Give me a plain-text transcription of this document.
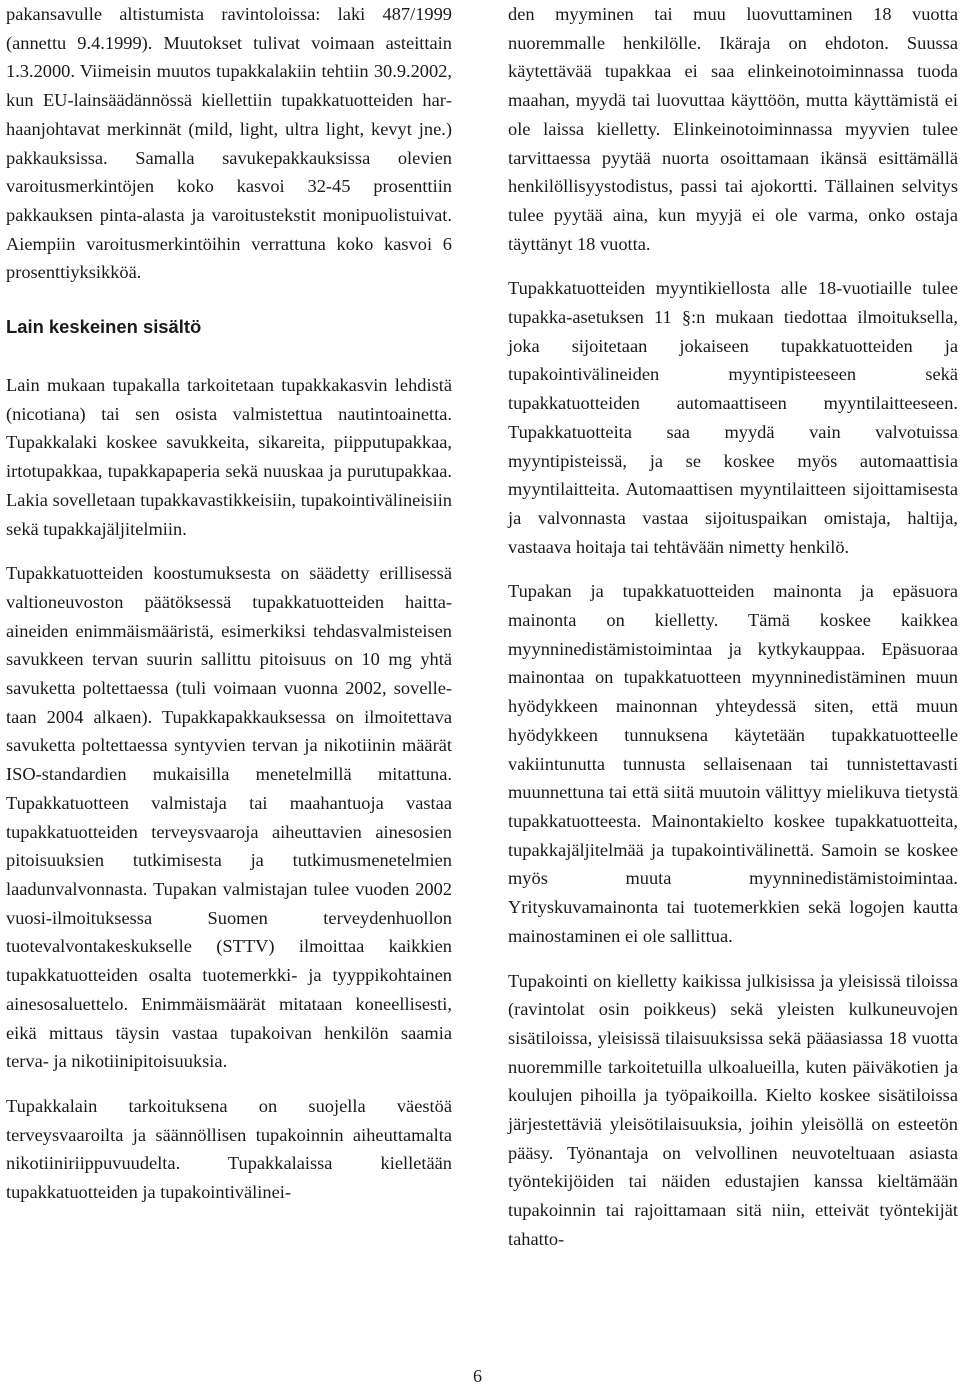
pakansavulle altistumista ravintoloissa: laki 487/1999 (annettu 9.4.1999). Muutokset tulivat voimaan asteittain 1.3.2000. Viimeisin muutos tupakkalakiin tehtiin 30.9.2002, kun EU-lainsäädännössä kiellettiin tupakkatuotteiden harhaanjohtavat merkinnät (mild, light, ultra light, kevyt jne.) pakkauksissa. Samalla savukepakkauksissa olevien varoitusmerkintöjen koko kasvoi 32-45 prosenttiin pakkauksen pinta-alasta ja varoitustekstit monipuolistuivat. Aiempiin varoitusmerkintöihin verrattuna koko kasvoi 6 prosenttiyksikköä.

Lain keskeinen sisältö

Lain mukaan tupakalla tarkoitetaan tupakkakasvin lehdistä (nicotiana) tai sen osista valmistettua nautintoainetta. Tupakkalaki koskee savukkeita, sikareita, piipputupakkaa, irtotupakkaa, tupakkapaperia sekä nuuskaa ja purutupakkaa. Lakia sovelletaan tupakkavastikkeisiin, tupakointivälineisiin sekä tupakkajäljitelmiin.

Tupakkatuotteiden koostumuksesta on säädetty erillisessä valtioneuvoston päätöksessä tupakkatuotteiden haitta-aineiden enimmäismääristä, esimerkiksi tehdasvalmisteisen savukkeen tervan suurin sallittu pitoisuus on 10 mg yhtä savuketta poltettaessa (tuli voimaan vuonna 2002, sovelletaan 2004 alkaen). Tupakkapakkauksessa on ilmoitettava savuketta poltettaessa syntyvien tervan ja nikotiinin määrät ISO-standardien mukaisilla menetelmillä mitattuna. Tupakkatuotteen valmistaja tai maahantuoja vastaa tupakkatuotteiden terveysvaaroja aiheuttavien ainesosien pitoisuuksien tutkimisesta ja tutkimusmenetelmien laadunvalvonnasta. Tupakan valmistajan tulee vuoden 2002 vuosi-ilmoituksessa Suomen terveydenhuollon tuotevalvontakeskukselle (STTV) ilmoittaa kaikkien tupakkatuotteiden osalta tuotemerkki- ja tyyppikohtainen ainesosaluettelo. Enimmäismäärät mitataan koneellisesti, eikä mittaus täysin vastaa tupakoivan henkilön saamia terva- ja nikotiinipitoisuuksia.

Tupakkalain tarkoituksena on suojella väestöä terveysvaaroilta ja säännöllisen tupakoinnin aiheuttamalta nikotiiniriippuvuudelta. Tupakkalaissa kielletään tupakkatuotteiden ja tupakointivälinei-

den myyminen tai muu luovuttaminen 18 vuotta nuoremmalle henkilölle. Ikäraja on ehdoton. Suussa käytettävää tupakkaa ei saa elinkeinotoiminnassa tuoda maahan, myydä tai luovuttaa käyttöön, mutta käyttämistä ei ole laissa kielletty. Elinkeinotoiminnassa myyvien tulee tarvittaessa pyytää nuorta osoittamaan ikänsä esittämällä henkilöllisyystodistus, passi tai ajokortti. Tällainen selvitys tulee pyytää aina, kun myyjä ei ole varma, onko ostaja täyttänyt 18 vuotta.

Tupakkatuotteiden myyntikiellosta alle 18-vuotiaille tulee tupakka-asetuksen 11 §:n mukaan tiedottaa ilmoituksella, joka sijoitetaan jokaiseen tupakkatuotteiden ja tupakointivälineiden myyntipisteeseen sekä tupakkatuotteiden automaattiseen myyntilaitteeseen. Tupakkatuotteita saa myydä vain valvotuissa myyntipisteissä, ja se koskee myös automaattisia myyntilaitteita. Automaattisen myyntilaitteen sijoittamisesta ja valvonnasta vastaa sijoituspaikan omistaja, haltija, vastaava hoitaja tai tehtävään nimetty henkilö.

Tupakan ja tupakkatuotteiden mainonta ja epäsuora mainonta on kielletty. Tämä koskee kaikkea myynninedistämistoimintaa ja kytkykauppaa. Epäsuoraa mainontaa on tupakkatuotteen myynninedistäminen muun hyödykkeen mainonnan yhteydessä siten, että muun hyödykkeen tunnuksena käytetään tupakkatuotteelle vakiintunutta tunnusta sellaisenaan tai tunnistettavasti muunnettuna tai että siitä muutoin välittyy mielikuva tietystä tupakkatuotteesta. Mainontakielto koskee tupakkatuotteita, tupakkajäljitelmää ja tupakointivälinettä. Samoin se koskee myös muuta myynninedistämistoimintaa. Yrityskuvamainonta tai tuotemerkkien sekä logojen kautta mainostaminen ei ole sallittua.

Tupakointi on kielletty kaikissa julkisissa ja yleisissä tiloissa (ravintolat osin poikkeus) sekä yleisten kulkuneuvojen sisätiloissa, yleisissä tilaisuuksissa sekä pääasiassa 18 vuotta nuoremmille tarkoitetuilla ulkoalueilla, kuten päiväkotien ja koulujen pihoilla ja työpaikoilla. Kielto koskee sisätiloissa järjestettäviä yleisötilaisuuksia, joihin yleisöllä on esteetön pääsy. Työnantaja on velvollinen neuvoteltuaan asiasta työntekijöiden tai näiden edustajien kanssa kieltämään tupakoinnin tai rajoittamaan sitä niin, etteivät työntekijät tahatto-

6
